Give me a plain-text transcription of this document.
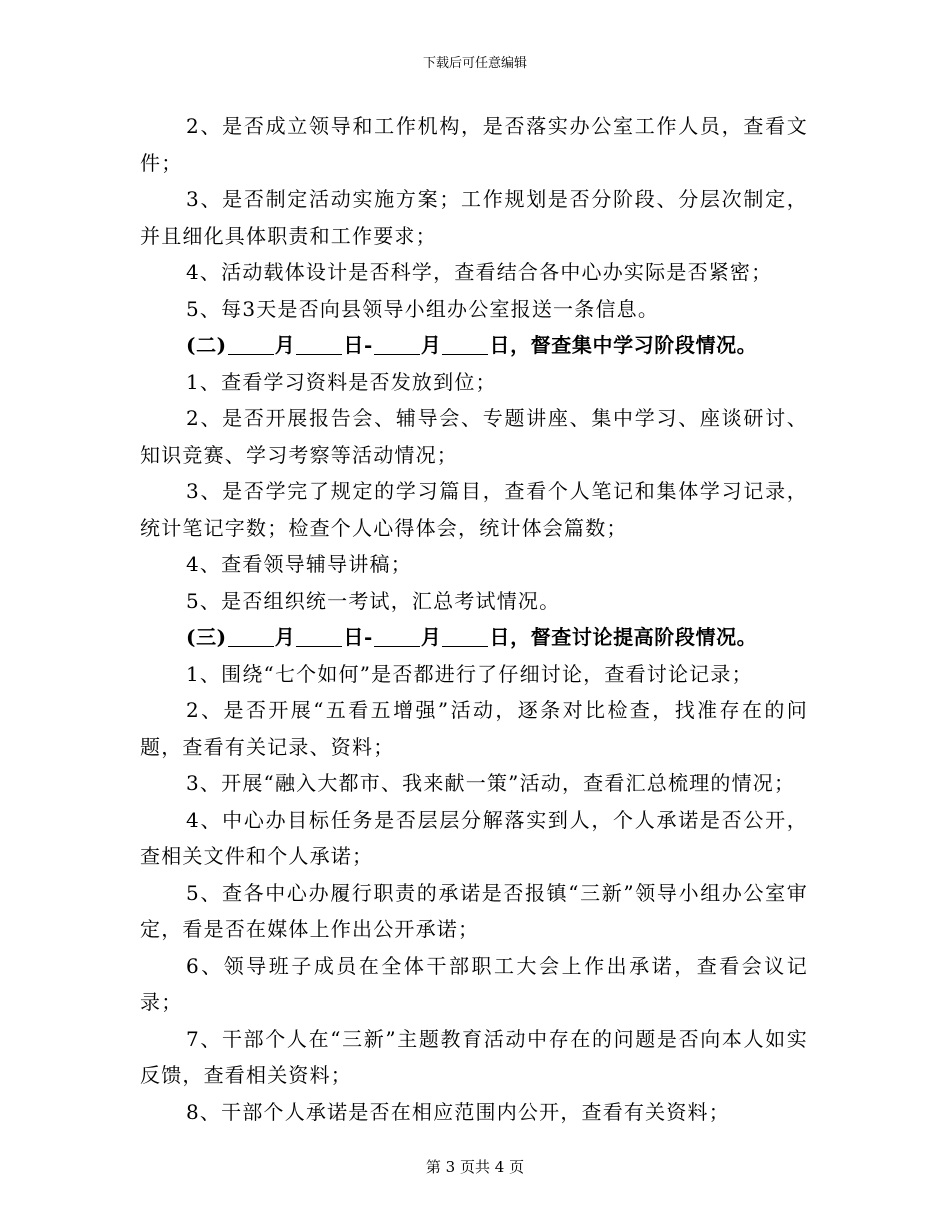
下载后可任意编辑

2、是否成立领导和工作机构，是否落实办公室工作人员，查看文件；

3、是否制定活动实施方案；工作规划是否分阶段、分层次制定，并且细化具体职责和工作要求；

4、活动载体设计是否科学，查看结合各中心办实际是否紧密；

5、每3天是否向县领导小组办公室报送一条信息。

(二) 月 日- 月 日，督查集中学习阶段情况。

1、查看学习资料是否发放到位；

2、是否开展报告会、辅导会、专题讲座、集中学习、座谈研讨、知识竞赛、学习考察等活动情况；

3、是否学完了规定的学习篇目，查看个人笔记和集体学习记录，统计笔记字数；检查个人心得体会，统计体会篇数；

4、查看领导辅导讲稿；

5、是否组织统一考试，汇总考试情况。

(三) 月 日- 月 日，督查讨论提高阶段情况。

1、围绕“七个如何”是否都进行了仔细讨论，查看讨论记录；

2、是否开展“五看五增强”活动，逐条对比检查，找准存在的问题，查看有关记录、资料；

3、开展“融入大都市、我来献一策”活动，查看汇总梳理的情况；

4、中心办目标任务是否层层分解落实到人，个人承诺是否公开，查相关文件和个人承诺；

5、查各中心办履行职责的承诺是否报镇“三新”领导小组办公室审定，看是否在媒体上作出公开承诺；

6、领导班子成员在全体干部职工大会上作出承诺，查看会议记录；

7、干部个人在“三新”主题教育活动中存在的问题是否向本人如实反馈，查看相关资料；

8、干部个人承诺是否在相应范围内公开，查看有关资料；

第 3 页共 4 页
